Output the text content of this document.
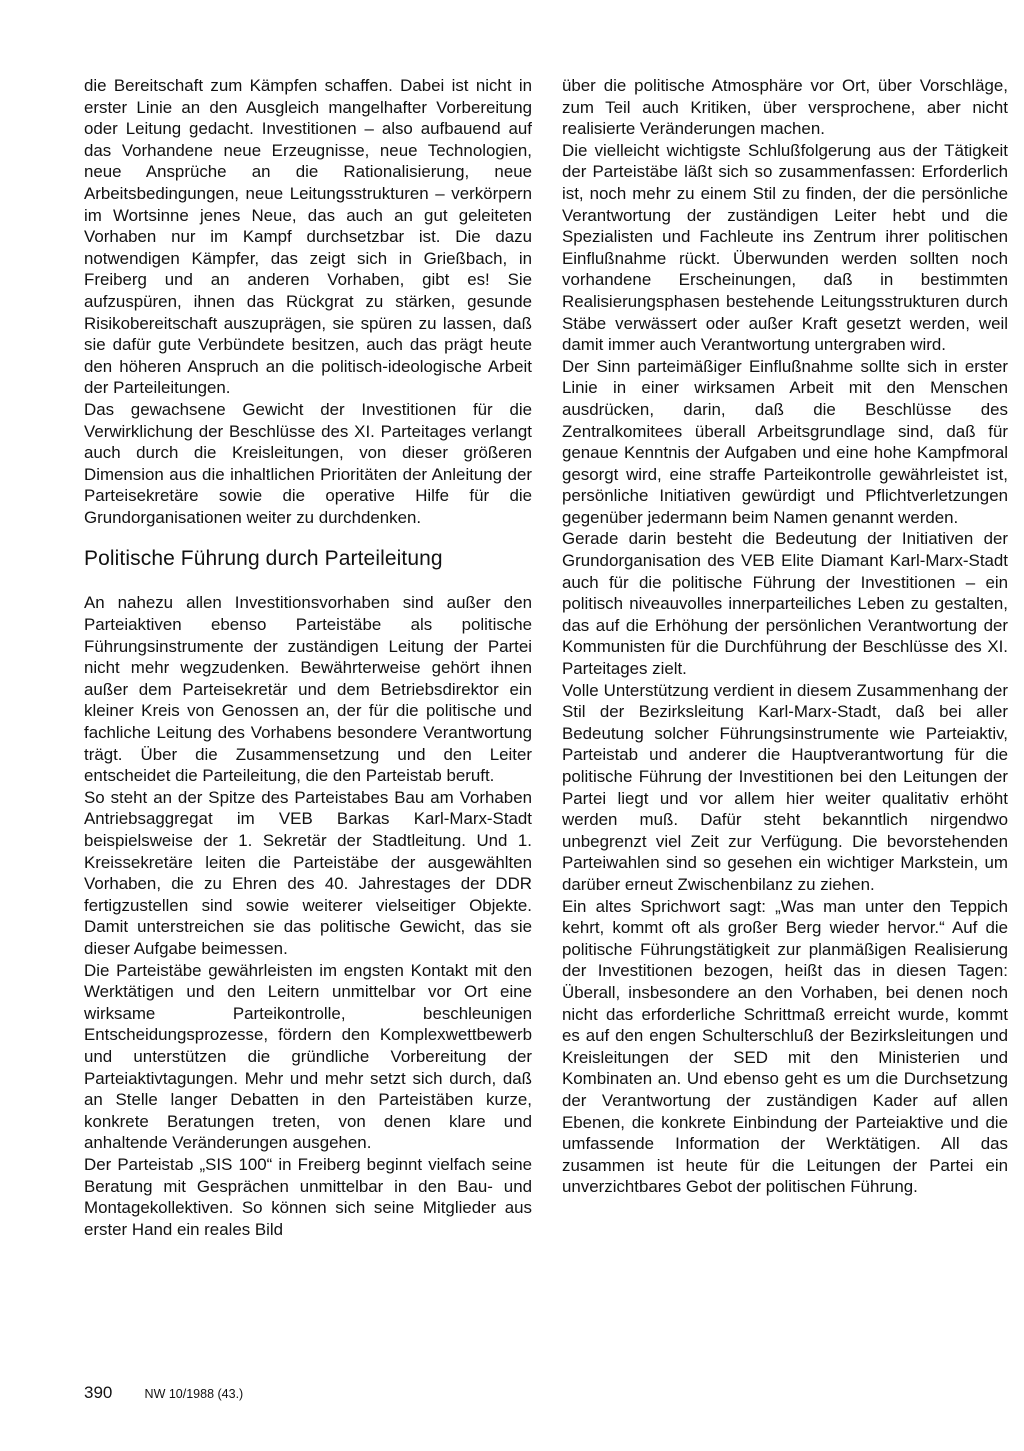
die Bereitschaft zum Kämpfen schaffen. Dabei ist nicht in erster Linie an den Ausgleich mangelhafter Vorbereitung oder Leitung gedacht. Investitionen – also aufbauend auf das Vorhandene neue Erzeugnisse, neue Technologien, neue Ansprüche an die Rationalisierung, neue Arbeitsbedingungen, neue Leitungsstrukturen – verkörpern im Wortsinne jenes Neue, das auch an gut geleiteten Vorhaben nur im Kampf durchsetzbar ist. Die dazu notwendigen Kämpfer, das zeigt sich in Grießbach, in Freiberg und an anderen Vorhaben, gibt es! Sie aufzuspüren, ihnen das Rückgrat zu stärken, gesunde Risikobereitschaft auszuprägen, sie spüren zu lassen, daß sie dafür gute Verbündete besitzen, auch das prägt heute den höheren Anspruch an die politisch-ideologische Arbeit der Parteileitungen.

Das gewachsene Gewicht der Investitionen für die Verwirklichung der Beschlüsse des XI. Parteitages verlangt auch durch die Kreisleitungen, von dieser größeren Dimension aus die inhaltlichen Prioritäten der Anleitung der Parteisekretäre sowie die operative Hilfe für die Grundorganisationen weiter zu durchdenken.

Politische Führung durch Parteileitung

An nahezu allen Investitionsvorhaben sind außer den Parteiaktiven ebenso Parteistäbe als politische Führungsinstrumente der zuständigen Leitung der Partei nicht mehr wegzudenken. Bewährterweise gehört ihnen außer dem Parteisekretär und dem Betriebsdirektor ein kleiner Kreis von Genossen an, der für die politische und fachliche Leitung des Vorhabens besondere Verantwortung trägt. Über die Zusammensetzung und den Leiter entscheidet die Parteileitung, die den Parteistab beruft.

So steht an der Spitze des Parteistabes Bau am Vorhaben Antriebsaggregat im VEB Barkas Karl-Marx-Stadt beispielsweise der 1. Sekretär der Stadtleitung. Und 1. Kreissekretäre leiten die Parteistäbe der ausgewählten Vorhaben, die zu Ehren des 40. Jahrestages der DDR fertigzustellen sind sowie weiterer vielseitiger Objekte. Damit unterstreichen sie das politische Gewicht, das sie dieser Aufgabe beimessen.

Die Parteistäbe gewährleisten im engsten Kontakt mit den Werktätigen und den Leitern unmittelbar vor Ort eine wirksame Parteikontrolle, beschleunigen Entscheidungsprozesse, fördern den Komplexwettbewerb und unterstützen die gründliche Vorbereitung der Parteiaktivtagungen. Mehr und mehr setzt sich durch, daß an Stelle langer Debatten in den Parteistäben kurze, konkrete Beratungen treten, von denen klare und anhaltende Veränderungen ausgehen.

Der Parteistab „SIS 100“ in Freiberg beginnt vielfach seine Beratung mit Gesprächen unmittelbar in den Bau- und Montagekollektiven. So können sich seine Mitglieder aus erster Hand ein reales Bild

über die politische Atmosphäre vor Ort, über Vorschläge, zum Teil auch Kritiken, über versprochene, aber nicht realisierte Veränderungen machen.

Die vielleicht wichtigste Schlußfolgerung aus der Tätigkeit der Parteistäbe läßt sich so zusammenfassen: Erforderlich ist, noch mehr zu einem Stil zu finden, der die persönliche Verantwortung der zuständigen Leiter hebt und die Spezialisten und Fachleute ins Zentrum ihrer politischen Einflußnahme rückt. Überwunden werden sollten noch vorhandene Erscheinungen, daß in bestimmten Realisierungsphasen bestehende Leitungsstrukturen durch Stäbe verwässert oder außer Kraft gesetzt werden, weil damit immer auch Verantwortung untergraben wird.

Der Sinn parteimäßiger Einflußnahme sollte sich in erster Linie in einer wirksamen Arbeit mit den Menschen ausdrücken, darin, daß die Beschlüsse des Zentralkomitees überall Arbeitsgrundlage sind, daß für genaue Kenntnis der Aufgaben und eine hohe Kampfmoral gesorgt wird, eine straffe Parteikontrolle gewährleistet ist, persönliche Initiativen gewürdigt und Pflichtverletzungen gegenüber jedermann beim Namen genannt werden.

Gerade darin besteht die Bedeutung der Initiativen der Grundorganisation des VEB Elite Diamant Karl-Marx-Stadt auch für die politische Führung der Investitionen – ein politisch niveauvolles innerparteiliches Leben zu gestalten, das auf die Erhöhung der persönlichen Verantwortung der Kommunisten für die Durchführung der Beschlüsse des XI. Parteitages zielt.

Volle Unterstützung verdient in diesem Zusammenhang der Stil der Bezirksleitung Karl-Marx-Stadt, daß bei aller Bedeutung solcher Führungsinstrumente wie Parteiaktiv, Parteistab und anderer die Hauptverantwortung für die politische Führung der Investitionen bei den Leitungen der Partei liegt und vor allem hier weiter qualitativ erhöht werden muß. Dafür steht bekanntlich nirgendwo unbegrenzt viel Zeit zur Verfügung. Die bevorstehenden Parteiwahlen sind so gesehen ein wichtiger Markstein, um darüber erneut Zwischenbilanz zu ziehen.

Ein altes Sprichwort sagt: „Was man unter den Teppich kehrt, kommt oft als großer Berg wieder hervor.“ Auf die politische Führungstätigkeit zur planmäßigen Realisierung der Investitionen bezogen, heißt das in diesen Tagen: Überall, insbesondere an den Vorhaben, bei denen noch nicht das erforderliche Schrittmaß erreicht wurde, kommt es auf den engen Schulterschluß der Bezirksleitungen und Kreisleitungen der SED mit den Ministerien und Kombinaten an. Und ebenso geht es um die Durchsetzung der Verantwortung der zuständigen Kader auf allen Ebenen, die konkrete Einbindung der Parteiaktive und die umfassende Information der Werktätigen. All das zusammen ist heute für die Leitungen der Partei ein unverzichtbares Gebot der politischen Führung.

390	NW 10/1988 (43.)
